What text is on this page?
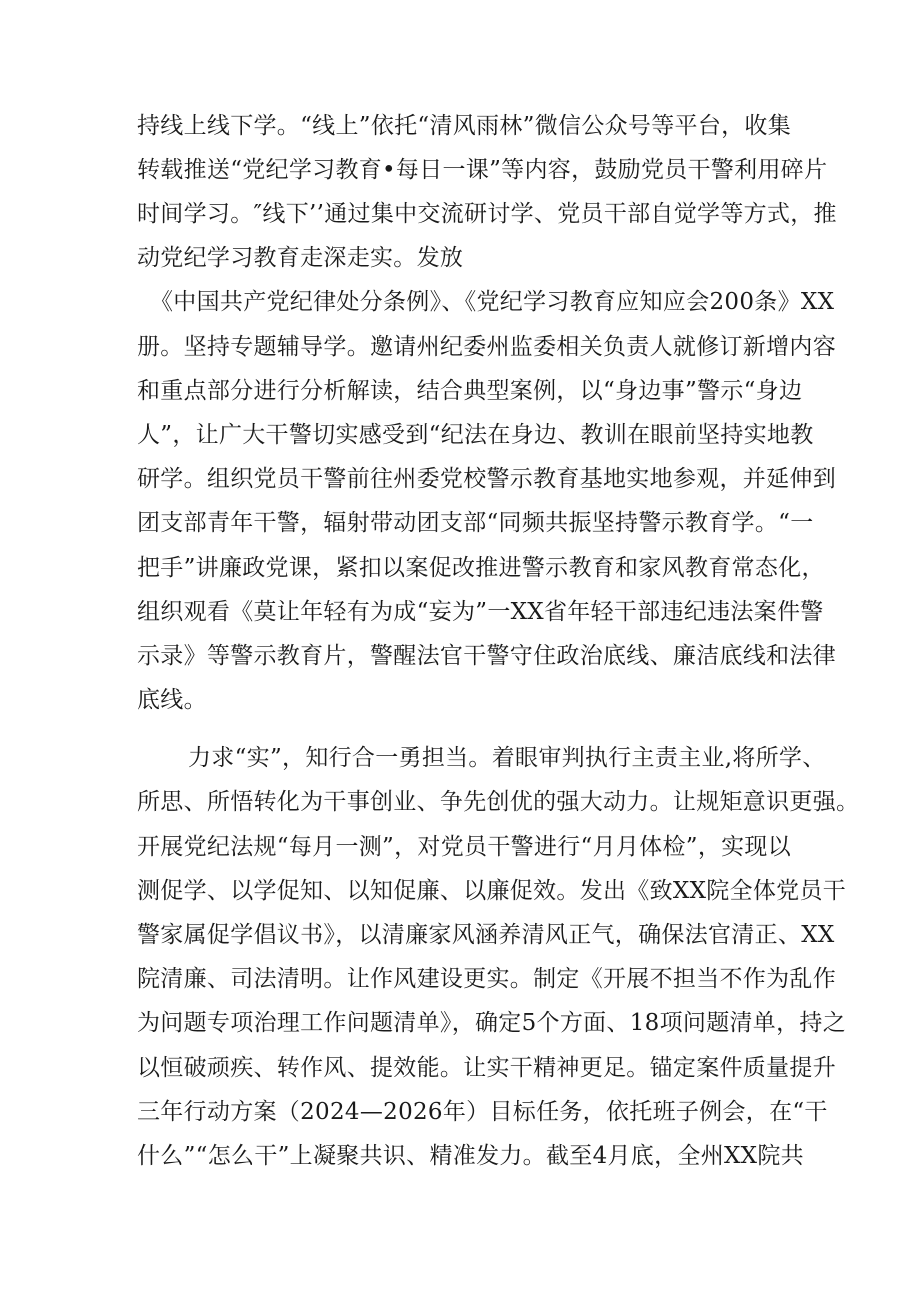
持线上线下学。“线上”依托“清风雨林”微信公众号等平台，收集
转载推送“党纪学习教育•每日一课”等内容，鼓励党员干警利用碎片
时间学习。″线下’’通过集中交流研讨学、党员干部自觉学等方式，推
动党纪学习教育走深走实。发放
《中国共产党纪律处分条例》、《党纪学习教育应知应会200条》XX
册。坚持专题辅导学。邀请州纪委州监委相关负责人就修订新增内容
和重点部分进行分析解读，结合典型案例，以“身边事”警示“身边
人”，让广大干警切实感受到“纪法在身边、教训在眼前坚持实地教
研学。组织党员干警前往州委党校警示教育基地实地参观，并延伸到
团支部青年干警，辐射带动团支部“同频共振坚持警示教育学。“一
把手”讲廉政党课，紧扣以案促改推进警示教育和家风教育常态化，
组织观看《莫让年轻有为成“妄为”一XX省年轻干部违纪违法案件警
示录》等警示教育片，警醒法官干警守住政治底线、廉洁底线和法律
底线。
力求“实”，知行合一勇担当。着眼审判执行主责主业,将所学、
所思、所悟转化为干事创业、争先创优的强大动力。让规矩意识更强。
开展党纪法规“每月一测”，对党员干警进行“月月体检”，实现以
测促学、以学促知、以知促廉、以廉促效。发出《致XX院全体党员干
警家属促学倡议书》，以清廉家风涵养清风正气，确保法官清正、XX
院清廉、司法清明。让作风建设更实。制定《开展不担当不作为乱作
为问题专项治理工作问题清单》，确定5个方面、18项问题清单，持之
以恒破顽疾、转作风、提效能。让实干精神更足。锚定案件质量提升
三年行动方案（2024—2026年）目标任务，依托班子例会，在“干
什么”“怎么干”上凝聚共识、精准发力。截至4月底，全州XX院共
